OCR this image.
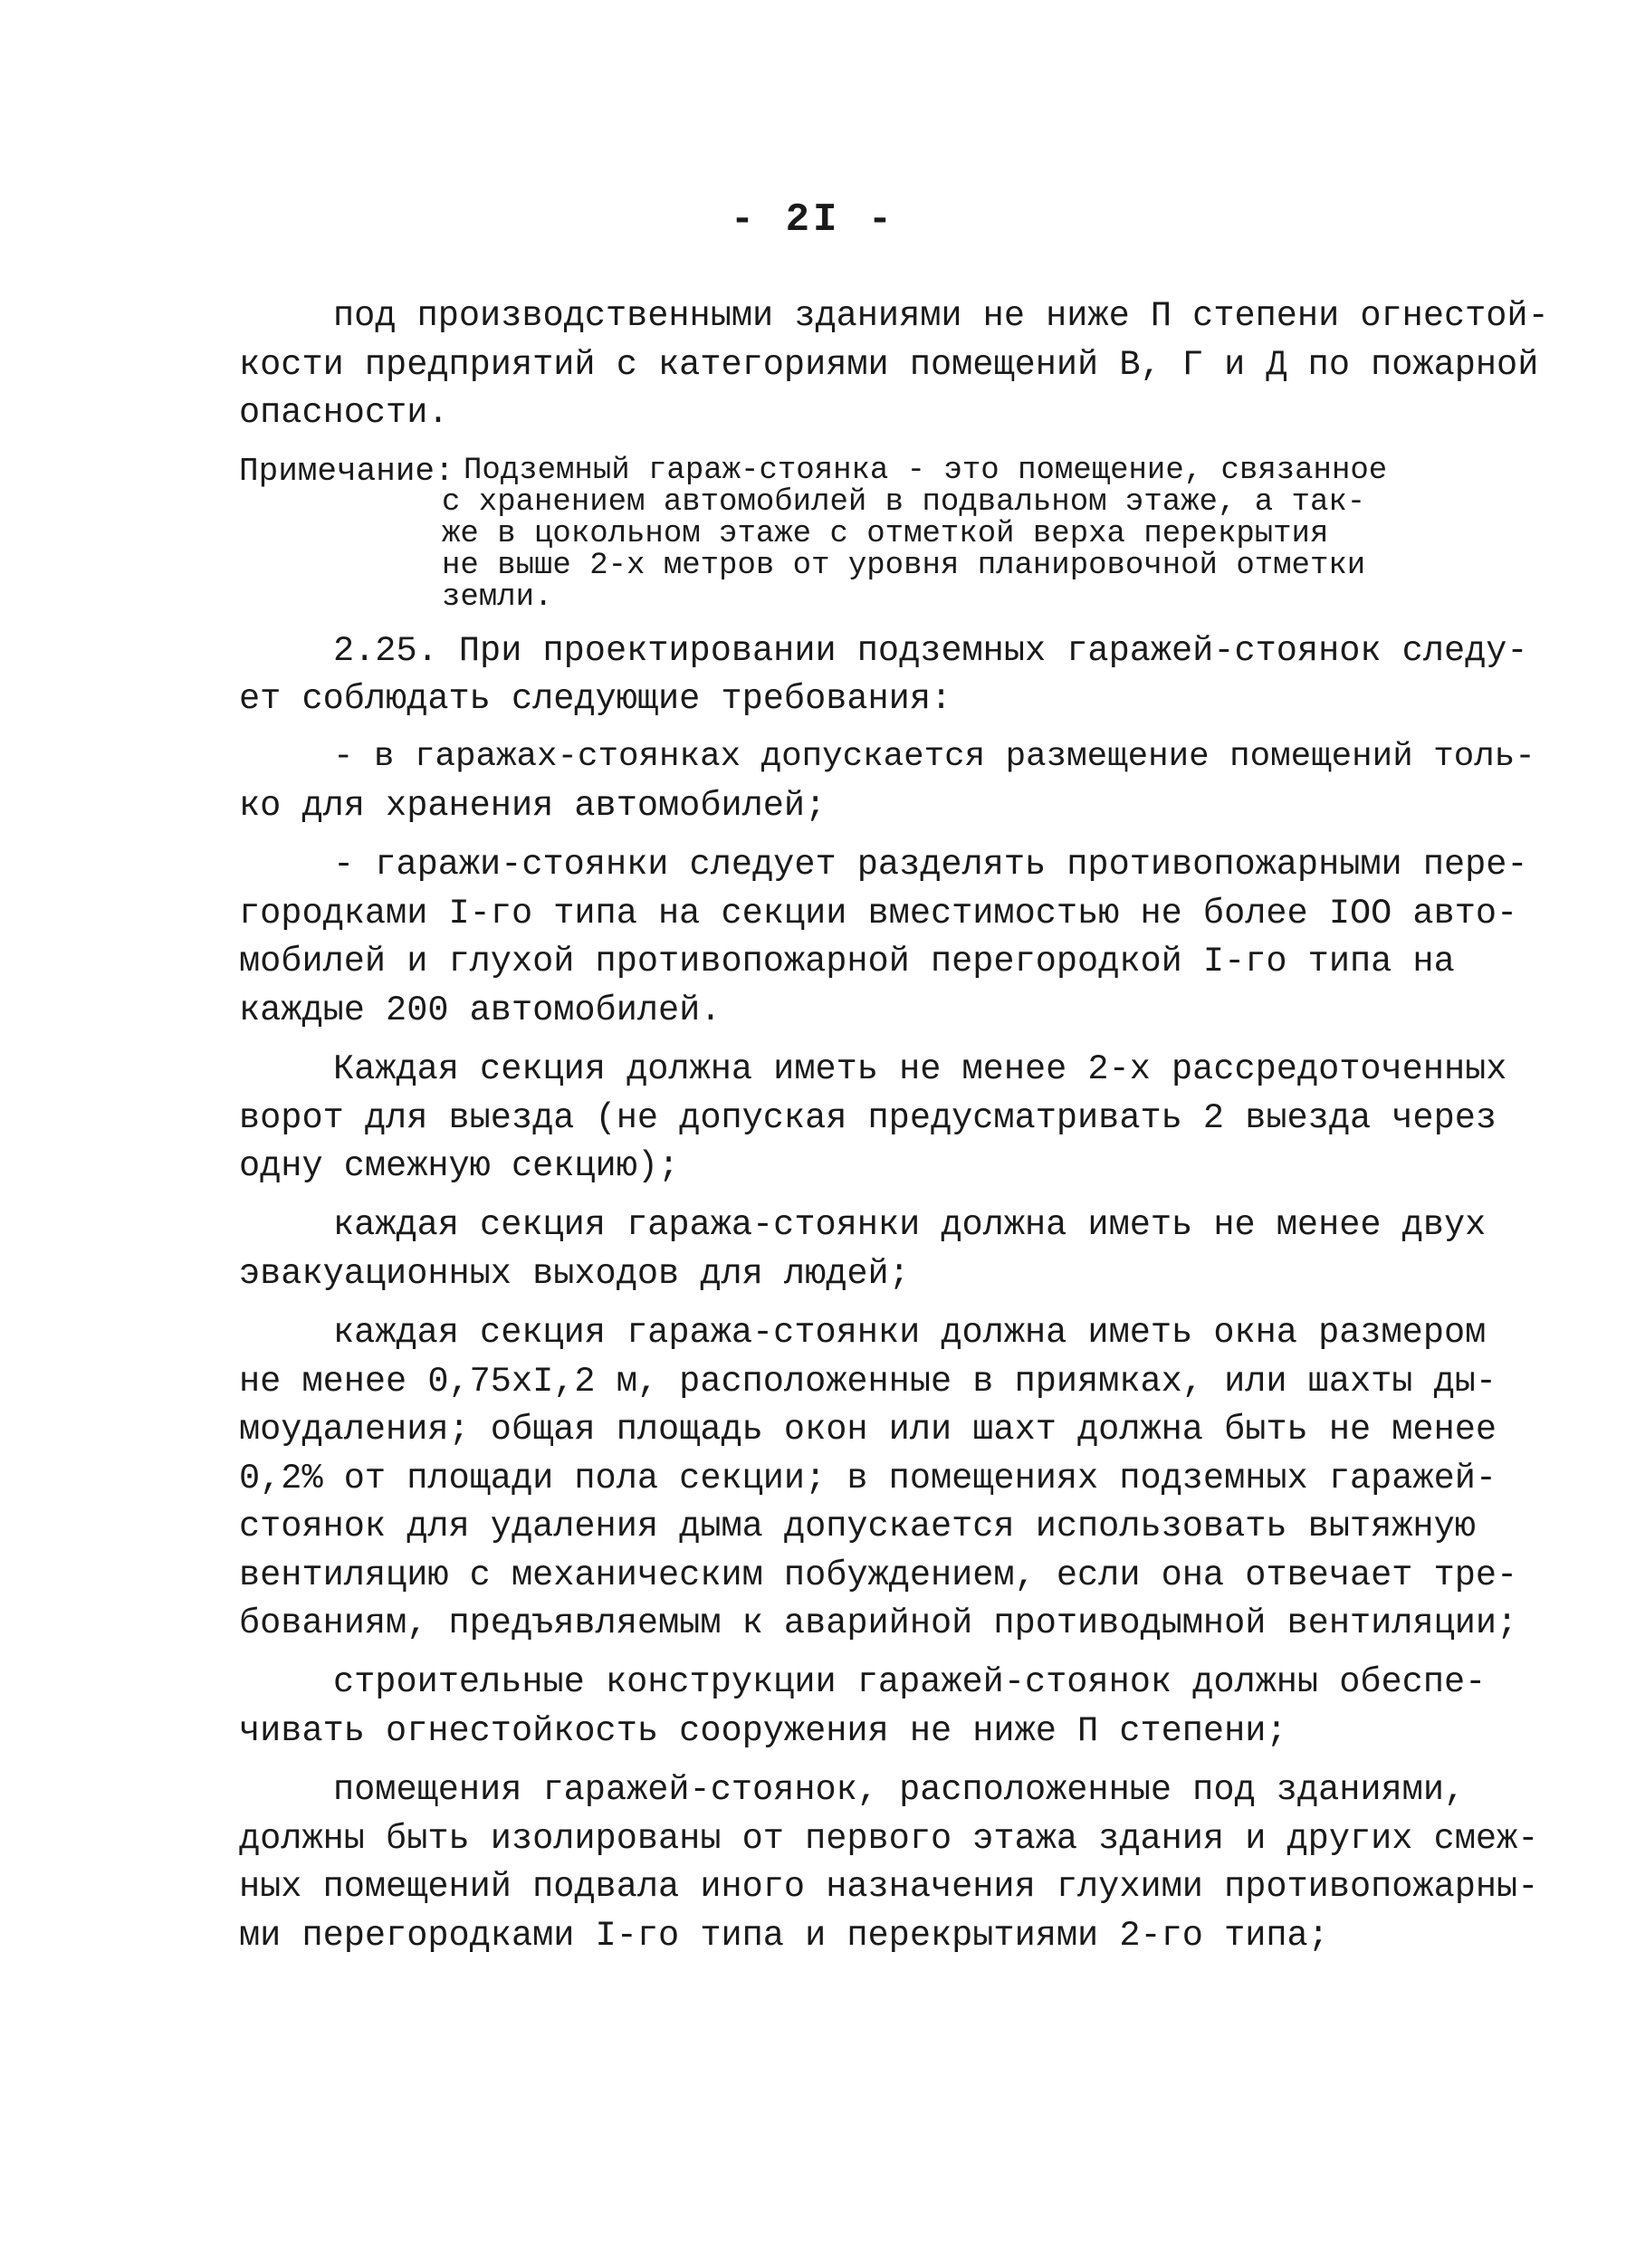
- 2I -
под производственными зданиями не ниже П степени огнестой-
кости предприятий с категориями помещений В, Г и Д по пожарной
опасности.
Примечание: Подземный гараж-стоянка - это помещение, связанное
с хранением автомобилей в подвальном этаже, а так-
же в цокольном этаже с отметкой верха перекрытия
не выше 2-х метров от уровня планировочной отметки
земли.
2.25. При проектировании подземных гаражей-стоянок следу-
ет соблюдать следующие требования:
- в гаражах-стоянках допускается размещение помещений толь-
ко для хранения автомобилей;
- гаражи-стоянки следует разделять противопожарными пере-
городками I-го типа на секции вместимостью не более IOO авто-
мобилей и глухой противопожарной перегородкой I-го типа на
каждые 200 автомобилей.
Каждая секция должна иметь не менее 2-х рассредоточенных
ворот для выезда (не допуская предусматривать 2 выезда через
одну смежную секцию);
каждая секция гаража-стоянки должна иметь не менее двух
эвакуационных выходов для людей;
каждая секция гаража-стоянки должна иметь окна размером
не менее 0,75xI,2 м, расположенные в приямках, или шахты ды-
моудаления; общая площадь окон или шахт должна быть не менее
0,2% от площади пола секции; в помещениях подземных гаражей-
стоянок для удаления дыма допускается использовать вытяжную
вентиляцию с механическим побуждением, если она отвечает тре-
бованиям, предъявляемым к аварийной противодымной вентиляции;
строительные конструкции гаражей-стоянок должны обеспе-
чивать огнестойкость сооружения не ниже П степени;
помещения гаражей-стоянок, расположенные под зданиями,
должны быть изолированы от первого этажа здания и других смеж-
ных помещений подвала иного назначения глухими противопожарны-
ми перегородками I-го типа и перекрытиями 2-го типа;
